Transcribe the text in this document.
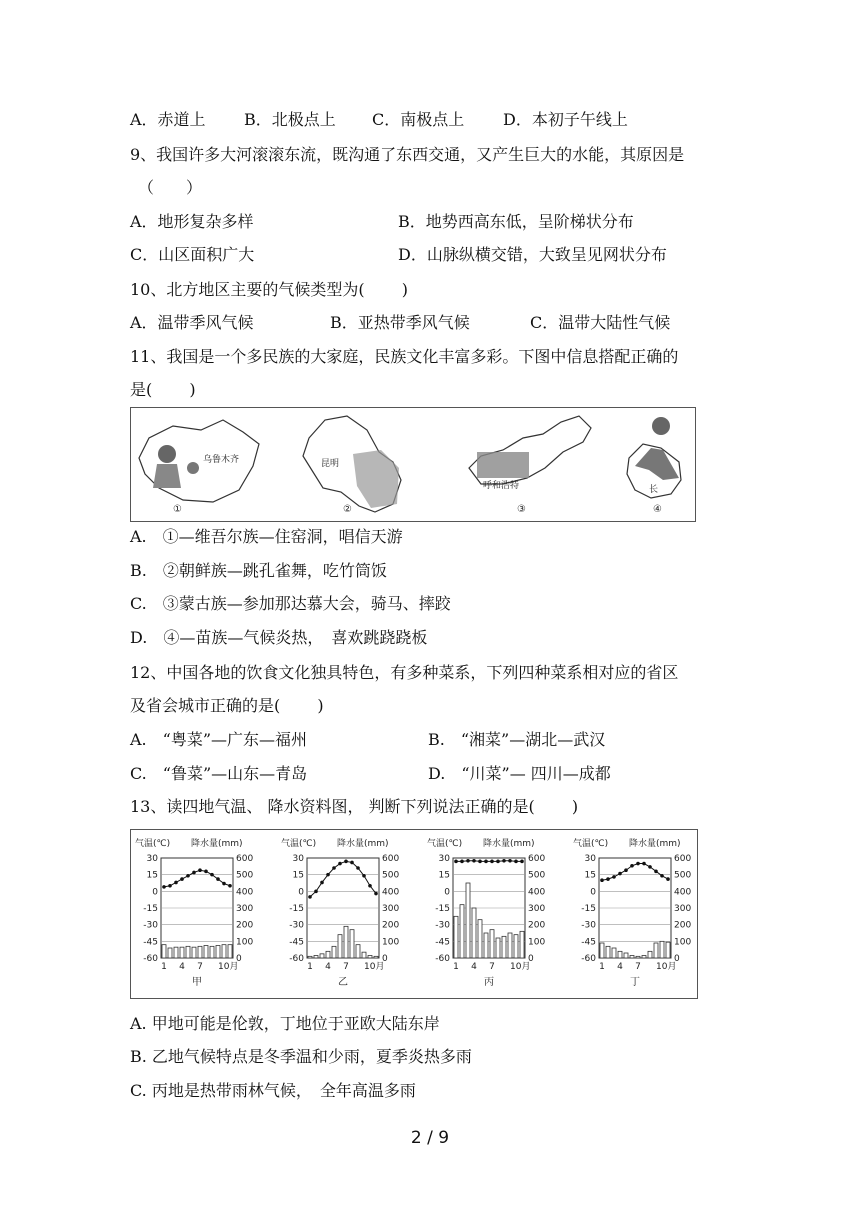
A．赤道上 B．北极点上 C．南极点上 D．本初子午线上
9、我国许多大河滚滚东流，既沟通了东西交通，又产生巨大的水能，其原因是
（　　）
A．地形复杂多样	B．地势西高东低，呈阶梯状分布
C．山区面积广大	D．山脉纵横交错，大致呈见网状分布
10、北方地区主要的气候类型为(　　 )
A．温带季风气候	B．亚热带季风气候	C．温带大陆性气候
11、我国是一个多民族的大家庭，民族文化丰富多彩。下图中信息搭配正确的
是(　　 )
乌鲁木齐
①
昆明
②
呼和浩特
③
长
④
A.　①—维吾尔族—住窑洞，唱信天游
B.　②朝鲜族—跳孔雀舞，吃竹筒饭
C.　③蒙古族—参加那达慕大会，骑马、摔跤
D.　④—苗族—气候炎热，　喜欢跳跷跷板
12、中国各地的饮食文化独具特色，有多种菜系，下列四种菜系相对应的省区
及省会城市正确的是(　　 )
A.　“粤菜”—广东—福州	B.　“湘菜”—湖北—武汉
C.　“鲁菜”—山东—青岛	D.　“川菜”— 四川—成都
13、读四地气温、 降水资料图， 判断下列说法正确的是(　　 )
气温(℃) 降水量(mm)
30	600
15	500
0	400
-15	300
-30	200
-45	100
-60	0
1 4 7 10月
甲
气温(℃) 降水量(mm)
30	600
15	500
0	400
-15	300
-30	200
-45	100
-60	0
1 4 7 10月
乙
气温(℃) 降水量(mm)
30	600
15	500
0	400
-15	300
-30	200
-45	100
-60	0
1 4 7 10月
丙
气温(℃) 降水量(mm)
30	600
15	500
0	400
-15	300
-30	200
-45	100
-60	0
1 4 7 10月
丁
A. 甲地可能是伦敦，丁地位于亚欧大陆东岸
B. 乙地气候特点是冬季温和少雨，夏季炎热多雨
C. 丙地是热带雨林气候，　全年高温多雨
2 / 9
